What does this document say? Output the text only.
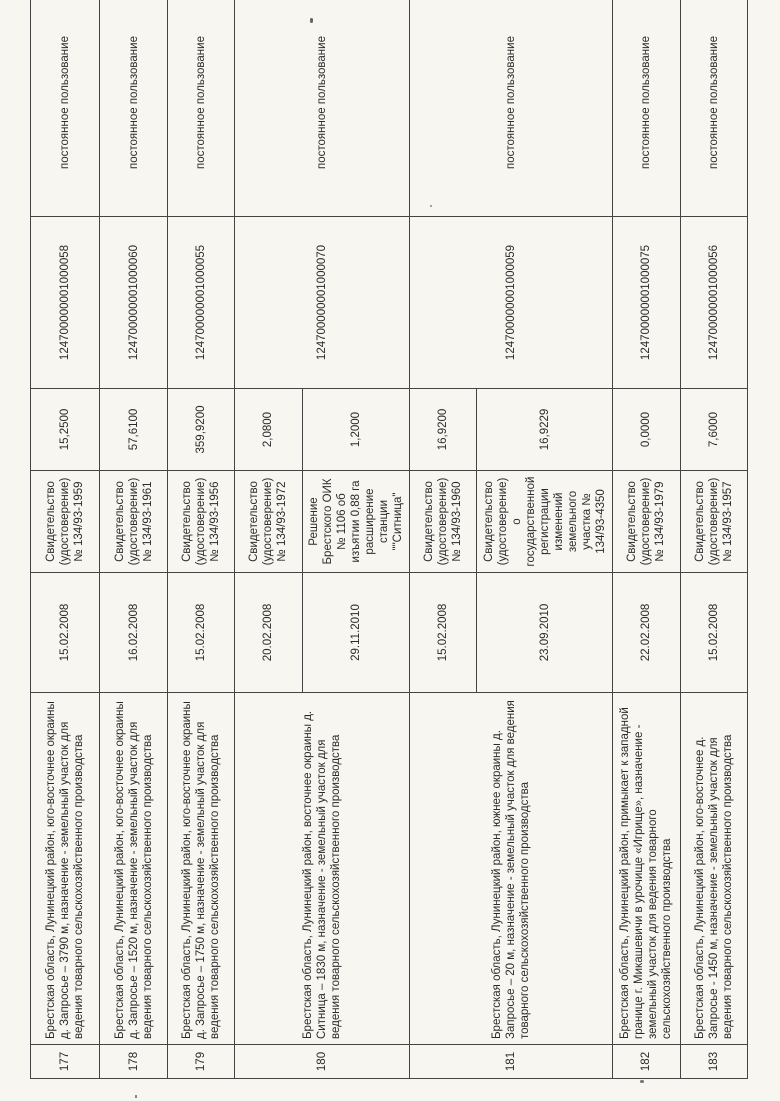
177	Брестская область, Лунинецкий район, юго-восточнее окраины д. Запросье – 3790 м, назначение - земельный участок для ведения товарного сельскохозяйственного производства	15.02.2008	Свидетельство (удостоверение) № 134/93-1959	15,2500	124700000001000058	постоянное пользование
178	Брестская область, Лунинецкий район, юго-восточнее окраины д. Запросье – 1520 м, назначение - земельный участок для ведения товарного сельскохозяйственного производства	16.02.2008	Свидетельство (удостоверение) № 134/93-1961	57,6100	124700000001000060	постоянное пользование
179	Брестская область, Лунинецкий район, юго-восточнее окраины д. Запросье – 1750 м, назначение - земельный участок для ведения товарного сельскохозяйственного производства	15.02.2008	Свидетельство (удостоверение) № 134/93-1956	359,9200	124700000001000055	постоянное пользование
180	Брестская область, Лунинецкий район, восточнее окраины д. Ситница – 1830 м, назначение - земельный участок для ведения товарного сельскохозяйственного производства	20.02.2008	Свидетельство (удостоверение) № 134/93-1972	2,0800	124700000001000070	постоянное пользование
		29.11.2010	Решение Брестского ОИК № 1106 об изъятии 0,88 га расширение станции ""Ситница"	1,2000		
181	Брестская область, Лунинецкий район, южнее окраины д. Запросье – 20 м, назначение - земельный участок для ведения товарного сельскохозяйственного производства	15.02.2008	Свидетельство (удостоверение) № 134/93-1960	16,9200	124700000001000059	постоянное пользование
		23.09.2010	Свидетельство (удостоверение) о государственной регистрации изменений земельного участка № 134/93-4350	16,9229		
182	Брестская область, Лунинецкий район, примыкает к западной границе г. Микашевичи в урочище «Игрище», назначение - земельный участок для ведения товарного сельскохозяйственного производства	22.02.2008	Свидетельство (удостоверение) № 134/93-1979	0,0000	124700000001000075	постоянное пользование
183	Брестская область, Лунинецкий район, юго-восточнее д. Запросье - 1450 м, назначение - земельный участок для ведения товарного сельскохозяйственного производства	15.02.2008	Свидетельство (удостоверение) № 134/93-1957	7,6000	124700000001000056	постоянное пользование
